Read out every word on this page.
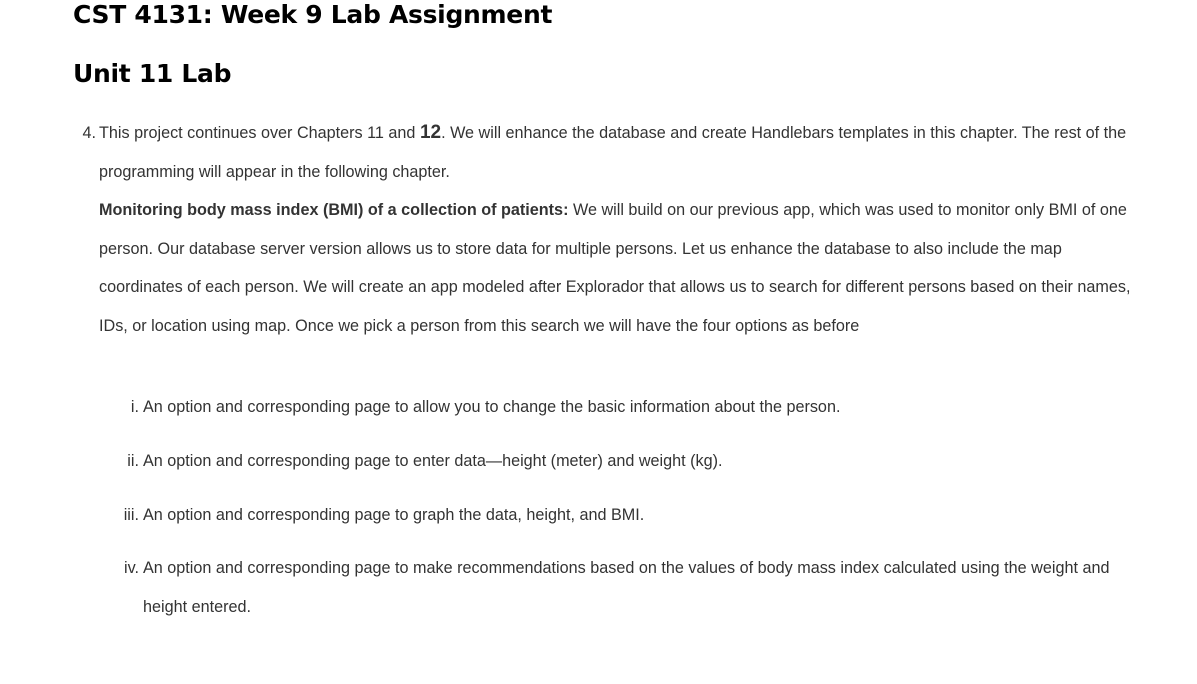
CST 4131: Week 9 Lab Assignment
Unit 11 Lab
4. This project continues over Chapters 11 and 12. We will enhance the database and create Handlebars templates in this chapter. The rest of the programming will appear in the following chapter.
Monitoring body mass index (BMI) of a collection of patients: We will build on our previous app, which was used to monitor only BMI of one person. Our database server version allows us to store data for multiple persons. Let us enhance the database to also include the map coordinates of each person. We will create an app modeled after Explorador that allows us to search for different persons based on their names, IDs, or location using map. Once we pick a person from this search we will have the four options as before
i. An option and corresponding page to allow you to change the basic information about the person.
ii. An option and corresponding page to enter data—height (meter) and weight (kg).
iii. An option and corresponding page to graph the data, height, and BMI.
iv. An option and corresponding page to make recommendations based on the values of body mass index calculated using the weight and height entered.
